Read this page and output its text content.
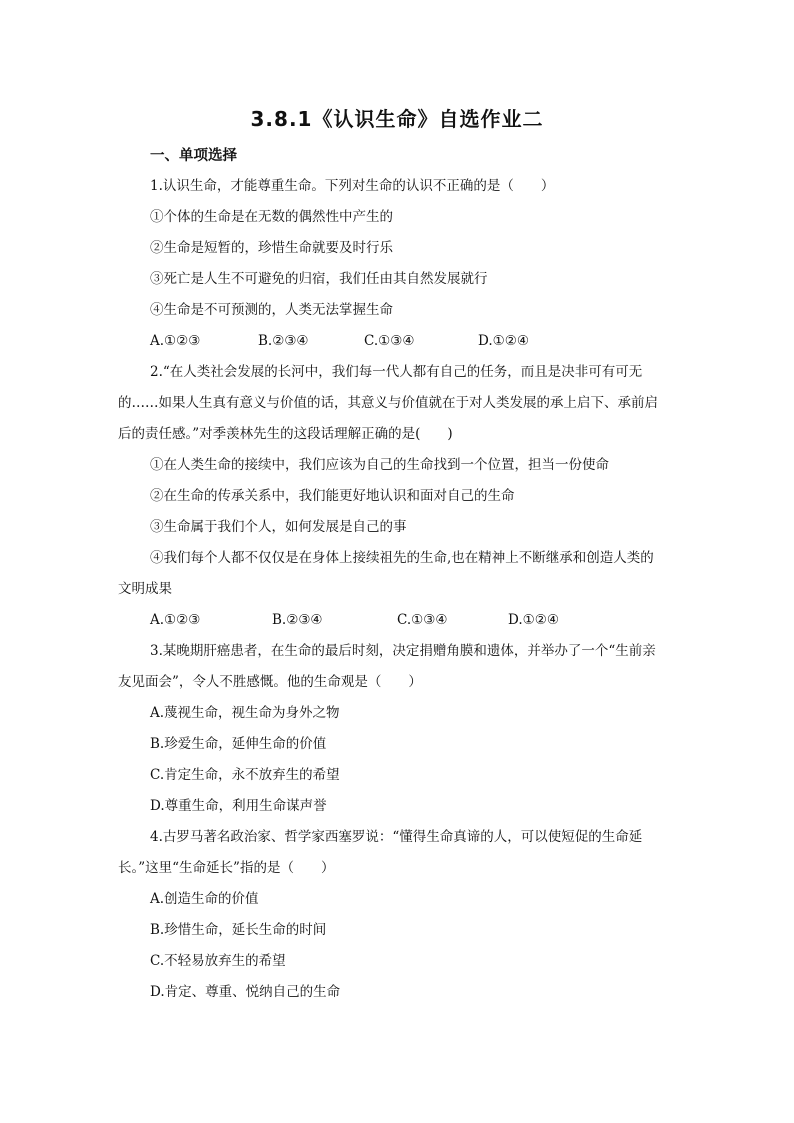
3.8.1《认识生命》自选作业二
一、单项选择
1.认识生命，才能尊重生命。下列对生命的认识不正确的是（　　）
①个体的生命是在无数的偶然性中产生的
②生命是短暂的，珍惜生命就要及时行乐
③死亡是人生不可避免的归宿，我们任由其自然发展就行
④生命是不可预测的，人类无法掌握生命
A.①②③	B.②③④	C.①③④	D.①②④
2.“在人类社会发展的长河中，我们每一代人都有自己的任务，而且是决非可有可无
的……如果人生真有意义与价值的话，其意义与价值就在于对人类发展的承上启下、承前启
后的责任感。”对季羡林先生的这段话理解正确的是(　　)
①在人类生命的接续中，我们应该为自己的生命找到一个位置，担当一份使命
②在生命的传承关系中，我们能更好地认识和面对自己的生命
③生命属于我们个人，如何发展是自己的事
④我们每个人都不仅仅是在身体上接续祖先的生命,也在精神上不断继承和创造人类的
文明成果
A.①②③	B.②③④	C.①③④	D.①②④
3.某晚期肝癌患者，在生命的最后时刻，决定捐赠角膜和遗体，并举办了一个“生前亲
友见面会”，令人不胜感慨。他的生命观是（　　）
A.蔑视生命，视生命为身外之物
B.珍爱生命，延伸生命的价值
C.肯定生命，永不放弃生的希望
D.尊重生命，利用生命谋声誉
4.古罗马著名政治家、哲学家西塞罗说：“懂得生命真谛的人，可以使短促的生命延
长。”这里“生命延长”指的是（　　）
A.创造生命的价值
B.珍惜生命，延长生命的时间
C.不轻易放弃生的希望
D.肯定、尊重、悦纳自己的生命
